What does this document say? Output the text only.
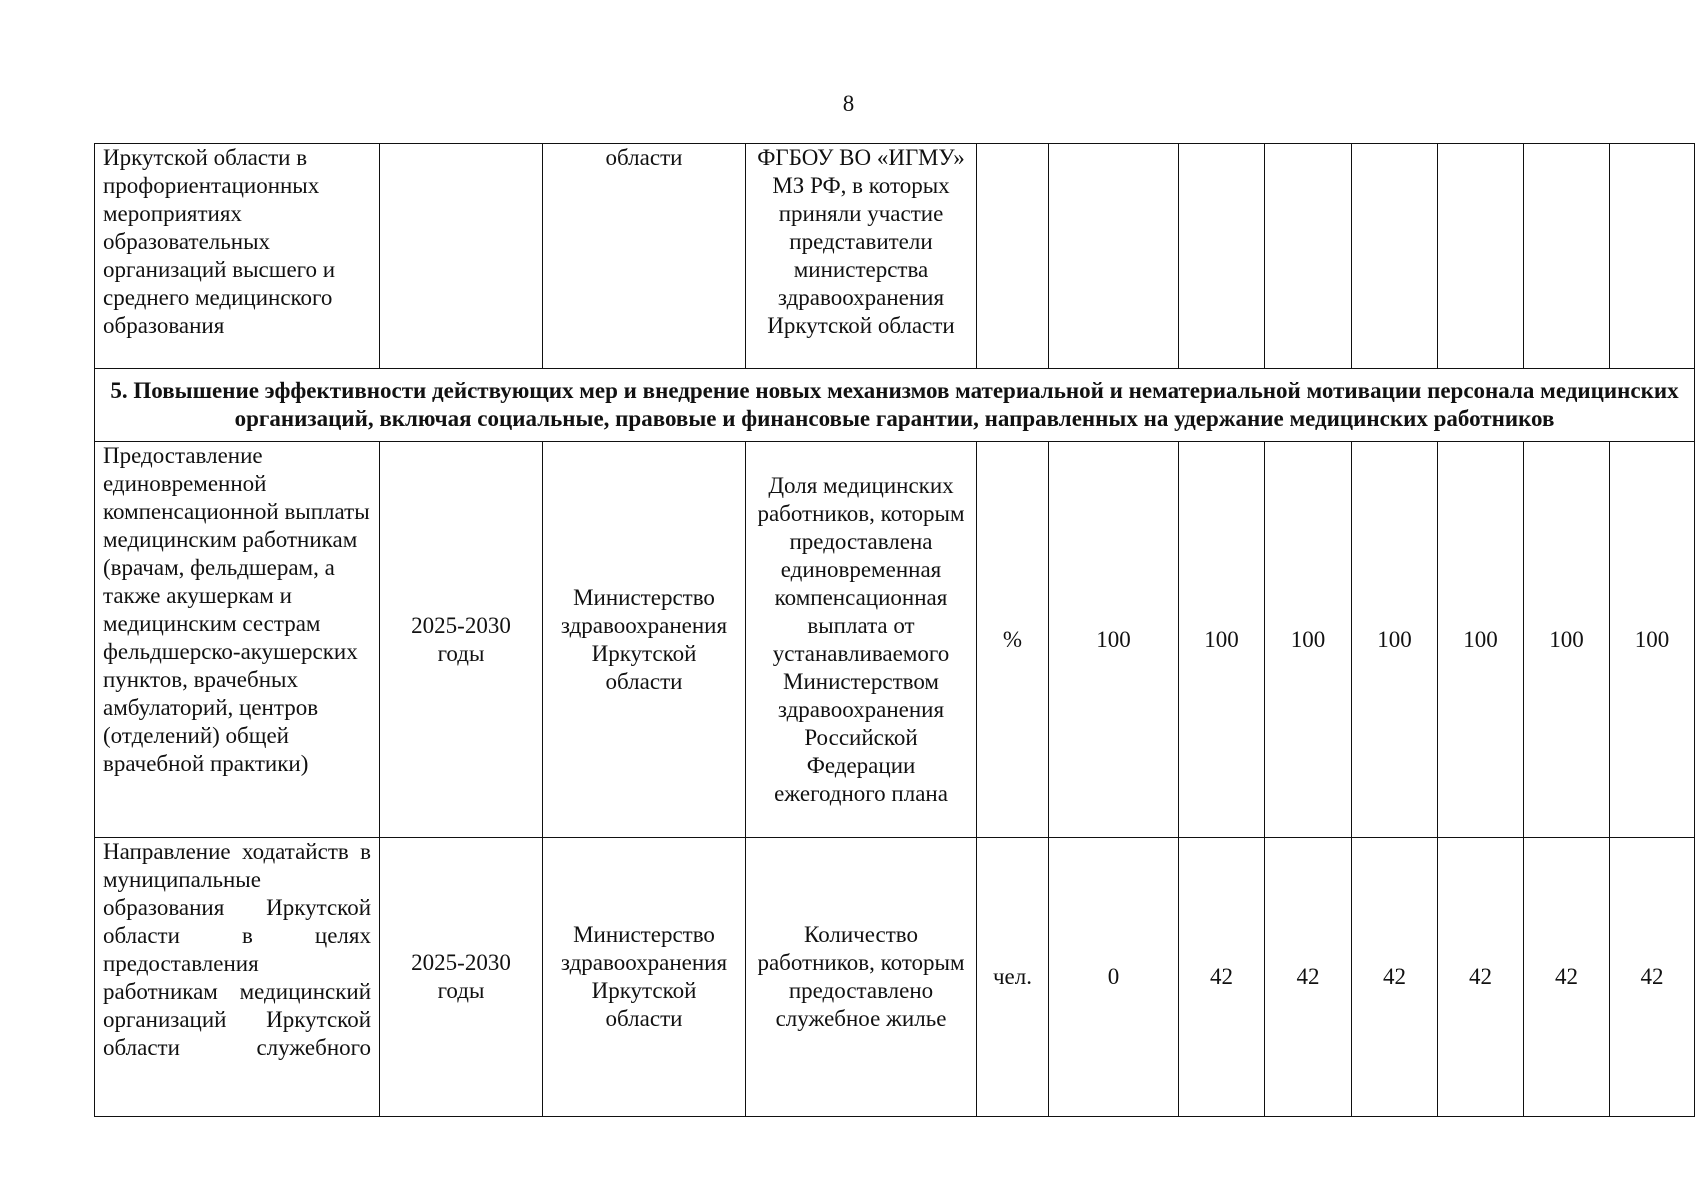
8
Иркутской области в профориентационных мероприятиях образовательных организаций высшего и среднего медицинского образования		области	ФГБОУ ВО «ИГМУ» МЗ РФ, в которых приняли участие представители министерства здравоохранения Иркутской области								
5. Повышение эффективности действующих мер и внедрение новых механизмов материальной и нематериальной мотивации персонала медицинских организаций, включая социальные, правовые и финансовые гарантии, направленных на удержание медицинских работников											
Предоставление единовременной компенсационной выплаты медицинским работникам (врачам, фельдшерам, а также акушеркам и медицинским сестрам фельдшерско-акушерских пунктов, врачебных амбулаторий, центров (отделений) общей врачебной практики)	2025-2030 годы	Министерство здравоохранения Иркутской области	Доля медицинских работников, которым предоставлена единовременная компенсационная выплата от устанавливаемого Министерством здравоохранения Российской Федерации ежегодного плана	%	100	100	100	100	100	100	100
Направление ходатайств в муниципальные образования Иркутской области в целях предоставления работникам медицинский организаций Иркутской области служебного	2025-2030 годы	Министерство здравоохранения Иркутской области	Количество работников, которым предоставлено служебное жилье	чел.	0	42	42	42	42	42	42
